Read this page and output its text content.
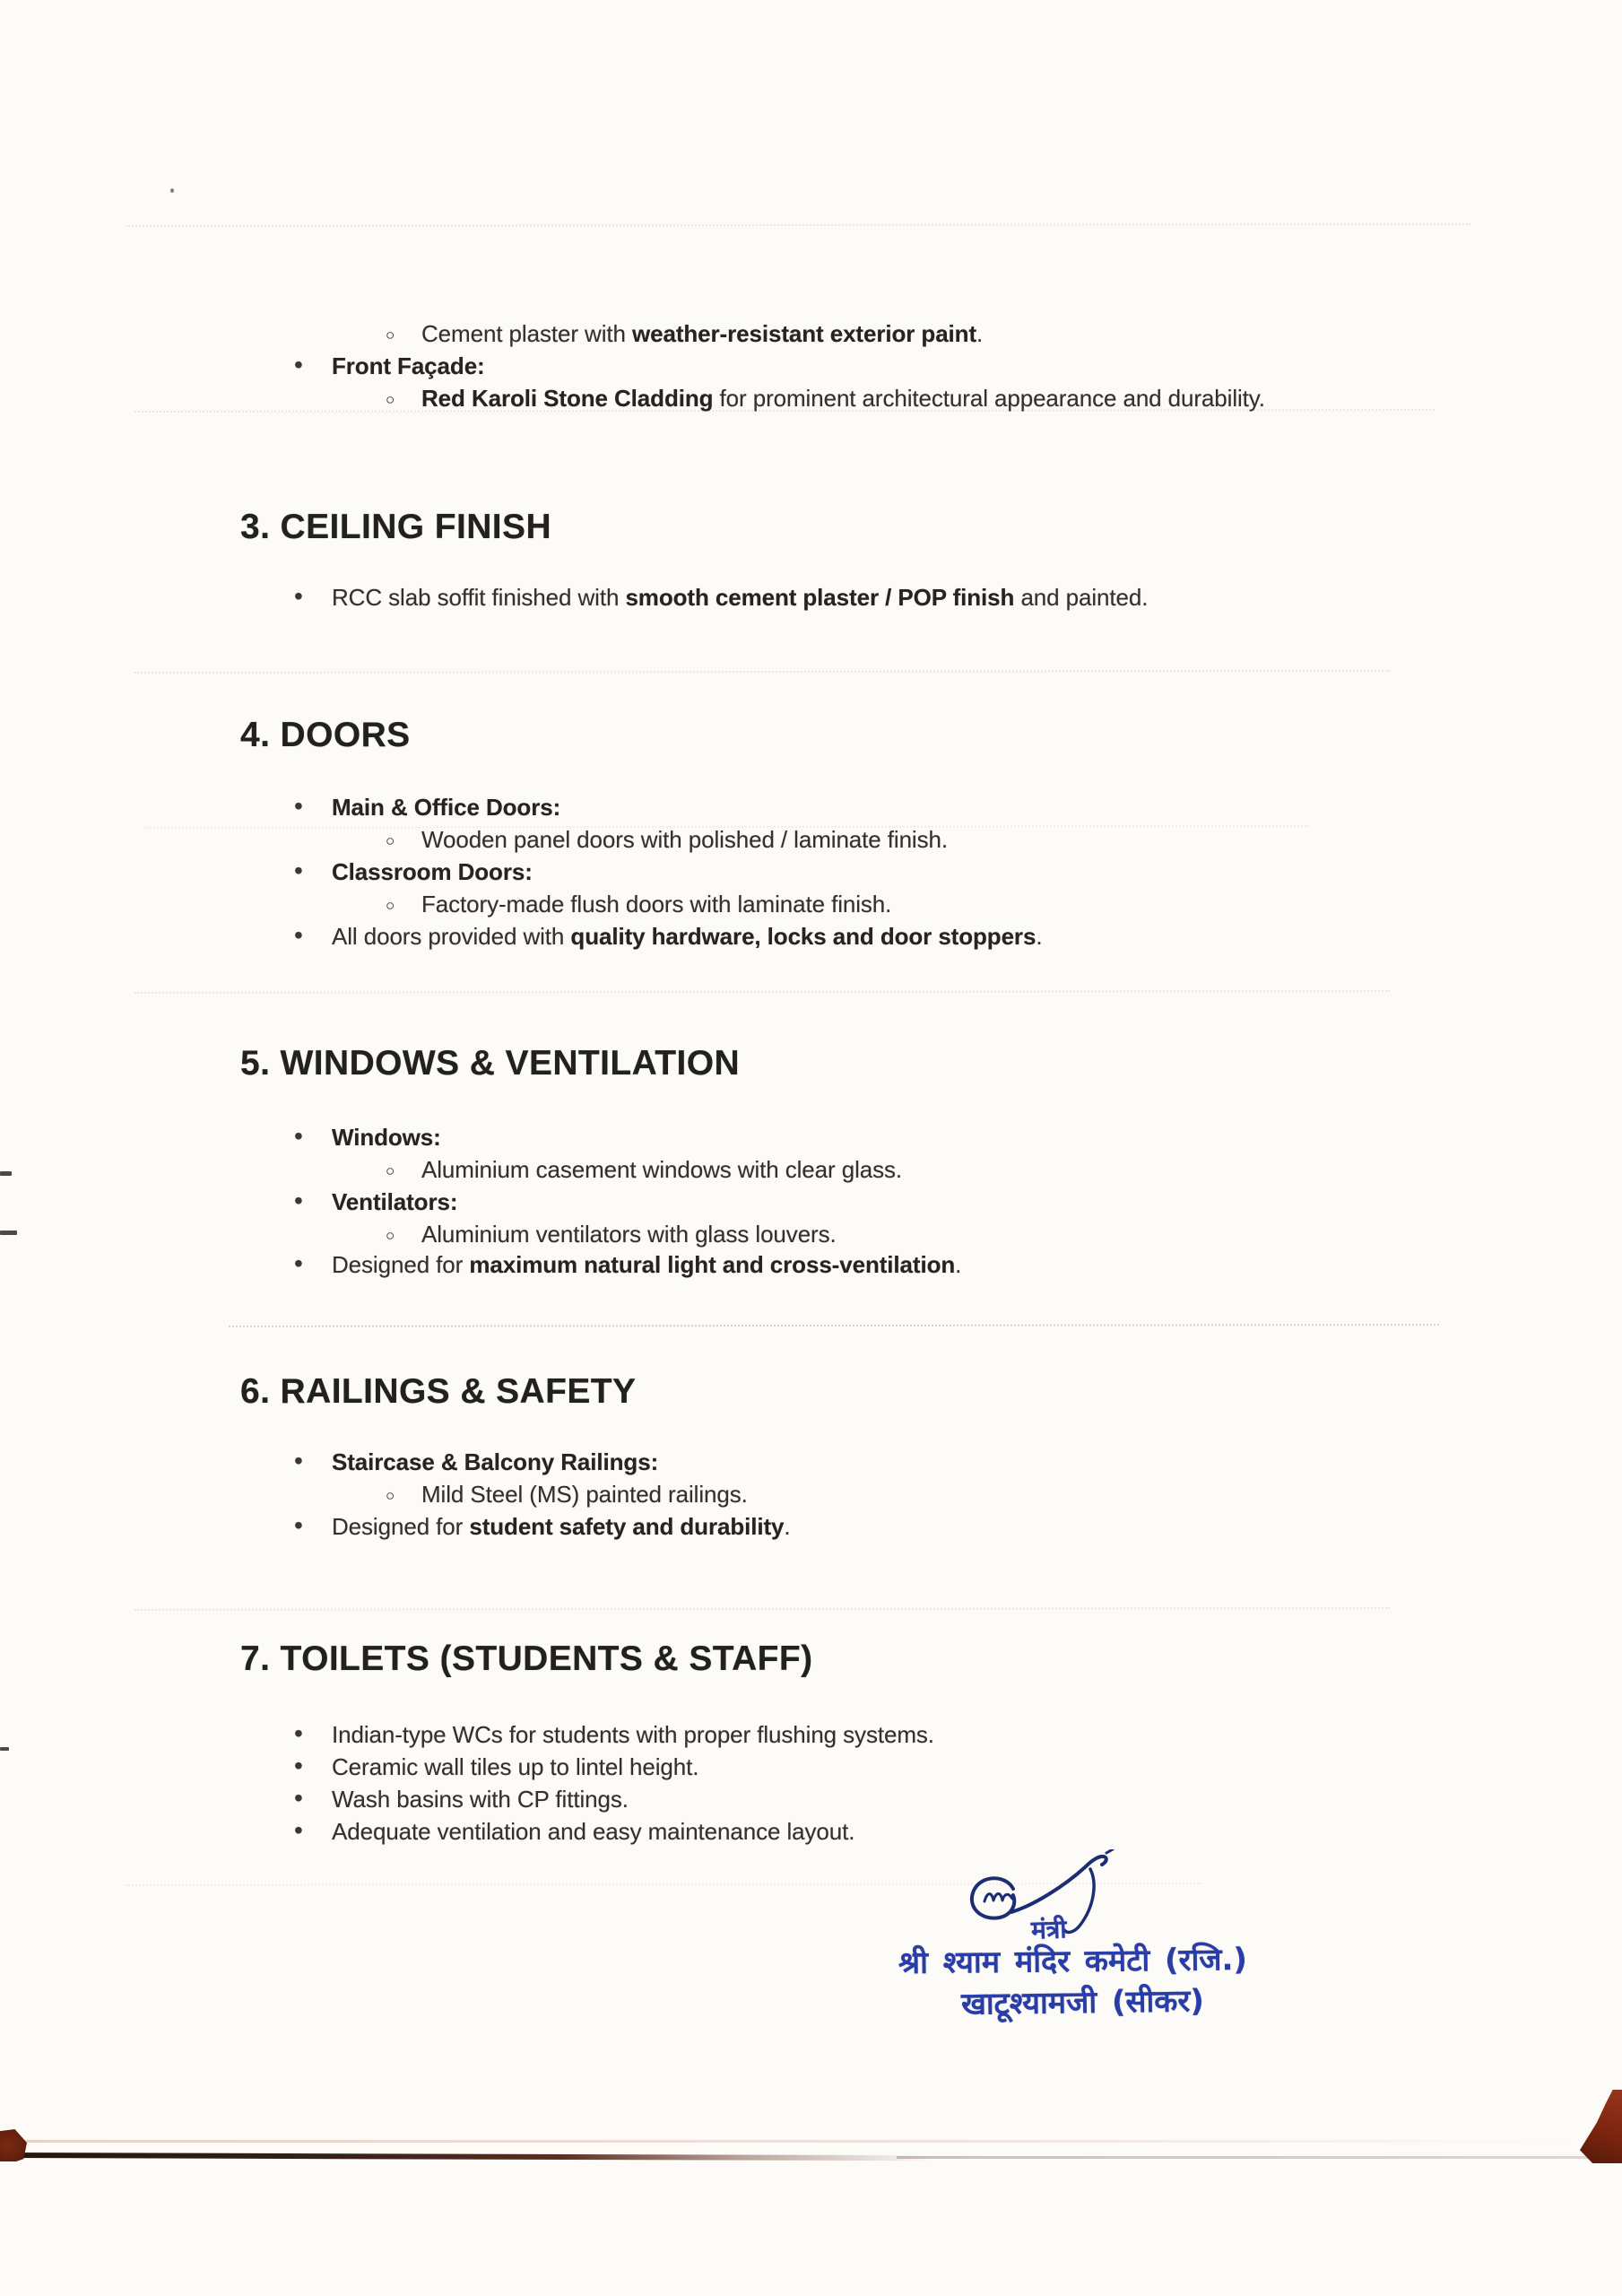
○	Cement plaster with weather-resistant exterior paint.
•	Front Façade:
○	Red Karoli Stone Cladding for prominent architectural appearance and durability.
3. CEILING FINISH
•	RCC slab soffit finished with smooth cement plaster / POP finish and painted.
4. DOORS
•	Main & Office Doors:
○	Wooden panel doors with polished / laminate finish.
•	Classroom Doors:
○	Factory-made flush doors with laminate finish.
•	All doors provided with quality hardware, locks and door stoppers.
5. WINDOWS & VENTILATION
•	Windows:
○	Aluminium casement windows with clear glass.
•	Ventilators:
○	Aluminium ventilators with glass louvers.
•	Designed for maximum natural light and cross-ventilation.
6. RAILINGS & SAFETY
•	Staircase & Balcony Railings:
○	Mild Steel (MS) painted railings.
•	Designed for student safety and durability.
7. TOILETS (STUDENTS & STAFF)
•	Indian-type WCs for students with proper flushing systems.
•	Ceramic wall tiles up to lintel height.
•	Wash basins with CP fittings.
•	Adequate ventilation and easy maintenance layout.
मंत्री
श्री श्याम मंदिर कमेटी (रजि.)
खाटूश्यामजी (सीकर)
